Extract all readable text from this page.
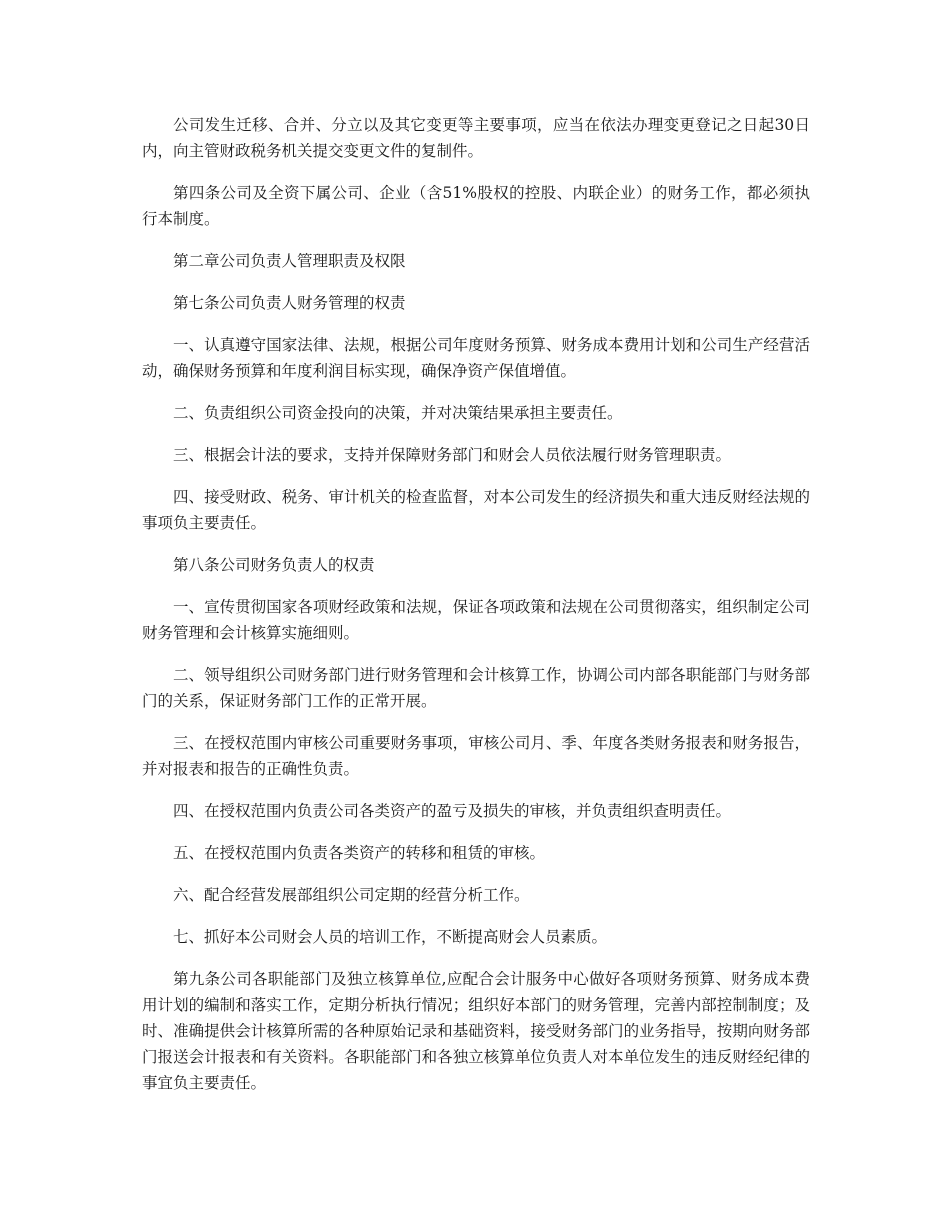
公司发生迁移、合并、分立以及其它变更等主要事项，应当在依法办理变更登记之日起30日内，向主管财政税务机关提交变更文件的复制件。

第四条公司及全资下属公司、企业（含51%股权的控股、内联企业）的财务工作，都必须执行本制度。

第二章公司负责人管理职责及权限

第七条公司负责人财务管理的权责

一、认真遵守国家法律、法规，根据公司年度财务预算、财务成本费用计划和公司生产经营活动，确保财务预算和年度利润目标实现，确保净资产保值增值。

二、负责组织公司资金投向的决策，并对决策结果承担主要责任。

三、根据会计法的要求，支持并保障财务部门和财会人员依法履行财务管理职责。

四、接受财政、税务、审计机关的检查监督，对本公司发生的经济损失和重大违反财经法规的事项负主要责任。

第八条公司财务负责人的权责

一、宣传贯彻国家各项财经政策和法规，保证各项政策和法规在公司贯彻落实，组织制定公司财务管理和会计核算实施细则。

二、领导组织公司财务部门进行财务管理和会计核算工作，协调公司内部各职能部门与财务部门的关系，保证财务部门工作的正常开展。

三、在授权范围内审核公司重要财务事项，审核公司月、季、年度各类财务报表和财务报告，并对报表和报告的正确性负责。

四、在授权范围内负责公司各类资产的盈亏及损失的审核，并负责组织查明责任。

五、在授权范围内负责各类资产的转移和租赁的审核。

六、配合经营发展部组织公司定期的经营分析工作。

七、抓好本公司财会人员的培训工作，不断提高财会人员素质。

第九条公司各职能部门及独立核算单位,应配合会计服务中心做好各项财务预算、财务成本费用计划的编制和落实工作，定期分析执行情况；组织好本部门的财务管理，完善内部控制制度；及时、准确提供会计核算所需的各种原始记录和基础资料，接受财务部门的业务指导，按期向财务部门报送会计报表和有关资料。各职能部门和各独立核算单位负责人对本单位发生的违反财经纪律的事宜负主要责任。
